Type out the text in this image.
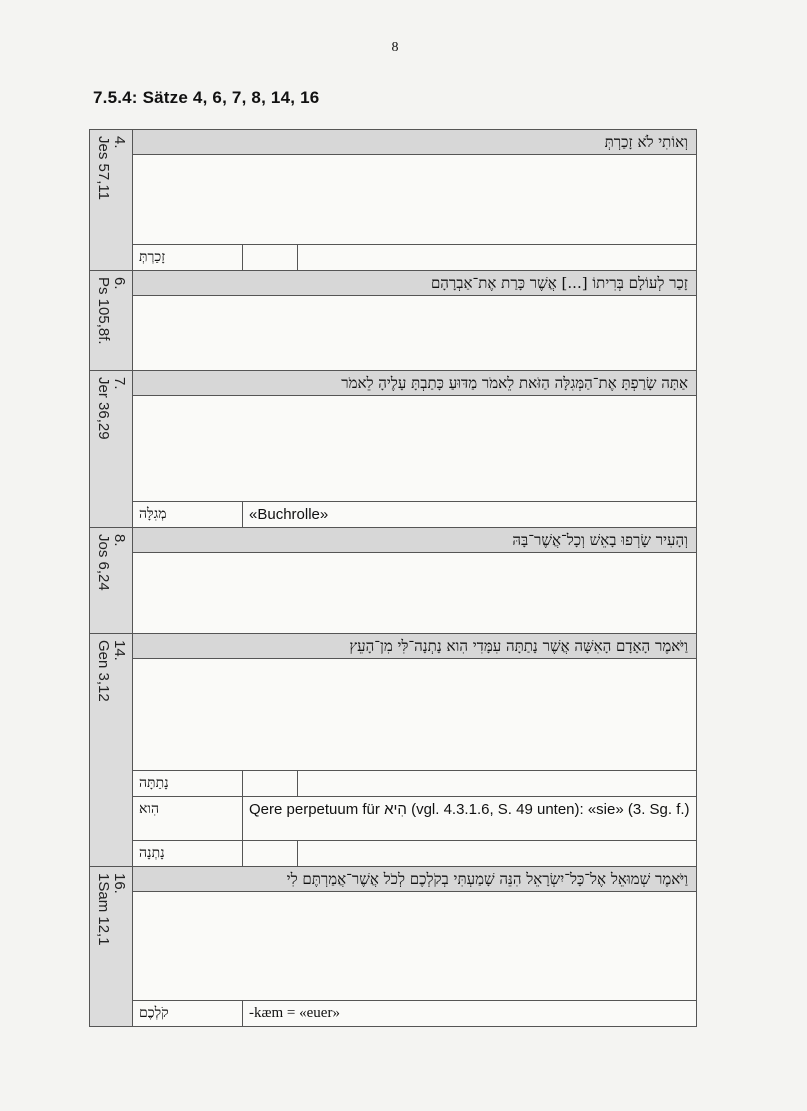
8
7.5.4: Sätze 4, 6, 7, 8, 14, 16
4.
Jes 57,11
וְאוֹתִי לֹא זָכַרְתְּ
זָכַרְתְּ
6.
Ps 105,8f.
זָכַר לְעוֹלָם בְּרִיתוֹ [...] אֲשֶׁר כָּרַת אֶת־אַבְרָהָם
7.
Jer 36,29
אַתָּה שָׂרַפְתָּ אֶת־הַמְּגִלָּה הַזֹּאת לֵאמֹר מַדּוּעַ כָּתַבְתָּ עָלֶיהָ לֵאמֹר
מְגִלָּה	«Buchrolle»
8.
Jos 6,24
וְהָעִיר שָׂרְפוּ בָאֵשׁ וְכָל־אֲשֶׁר־בָּהּ
14.
Gen 3,12
וַיֹּאמֶר הָאָדָם הָאִשָּׁה אֲשֶׁר נָתַתָּה עִמָּדִי הִוא נָתְנָה־לִּי מִן־הָעֵץ
נָתַתָּה
הִוא	Qere perpetuum für הִיא (vgl. 4.3.1.6, S. 49 unten): «sie» (3. Sg. f.)
נָתְנָה
16.
1Sam 12,1
וַיֹּאמֶר שְׁמוּאֵל אֶל־כָּל־יִשְׂרָאֵל הִנֵּה שָׁמַעְתִּי בְקֹלְכֶם לְכֹל אֲשֶׁר־אֲמַרְתֶּם לִי
קֹלְכֶם	-kæm = «euer»
